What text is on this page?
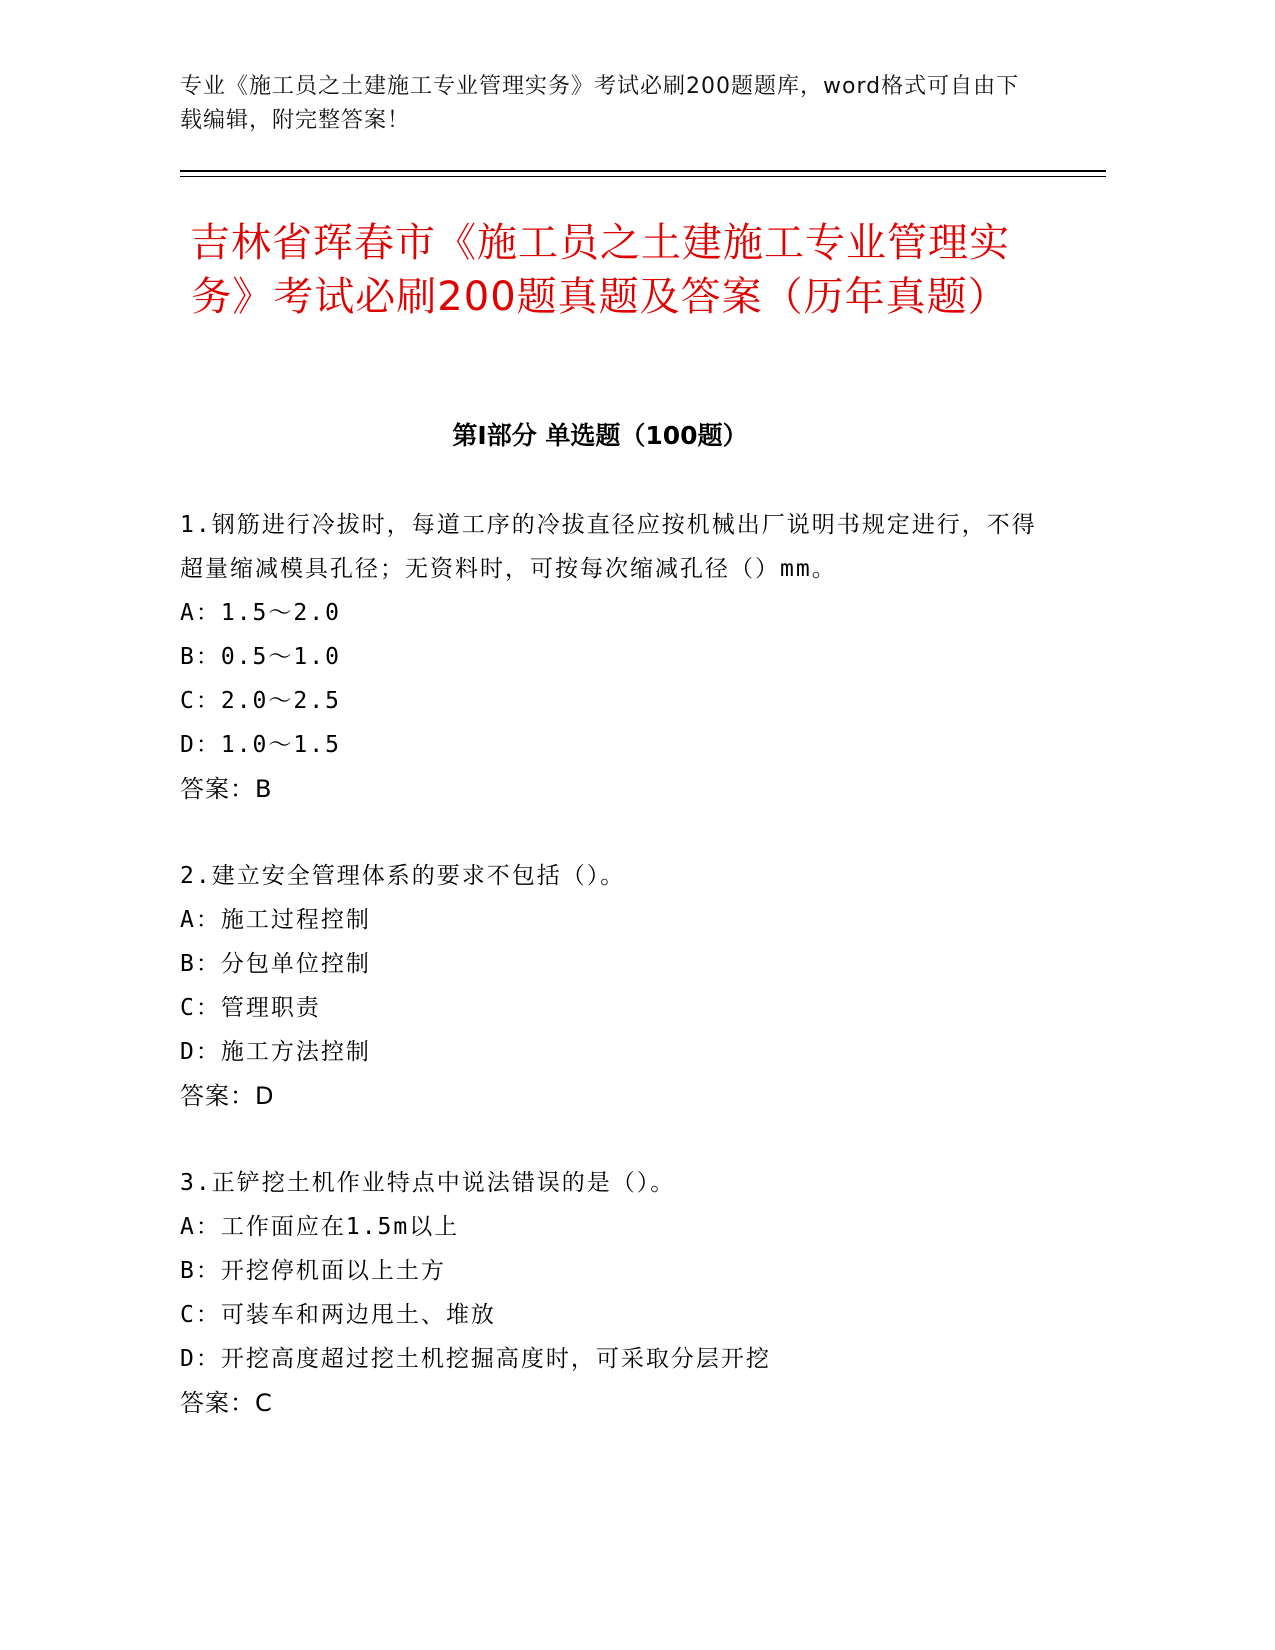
专业《施工员之土建施工专业管理实务》考试必刷200题题库，word格式可自由下载编辑，附完整答案！
吉林省珲春市《施工员之土建施工专业管理实务》考试必刷200题真题及答案（历年真题）
第Ⅰ部分 单选题（100题）
1.钢筋进行冷拔时，每道工序的冷拔直径应按机械出厂说明书规定进行，不得超量缩减模具孔径；无资料时，可按每次缩减孔径（）mm。
A：1.5～2.0
B：0.5～1.0
C：2.0～2.5
D：1.0～1.5
答案：B
2.建立安全管理体系的要求不包括（）。
A：施工过程控制
B：分包单位控制
C：管理职责
D：施工方法控制
答案：D
3.正铲挖土机作业特点中说法错误的是（）。
A：工作面应在1.5m以上
B：开挖停机面以上土方
C：可装车和两边甩土、堆放
D：开挖高度超过挖土机挖掘高度时，可采取分层开挖
答案：C
